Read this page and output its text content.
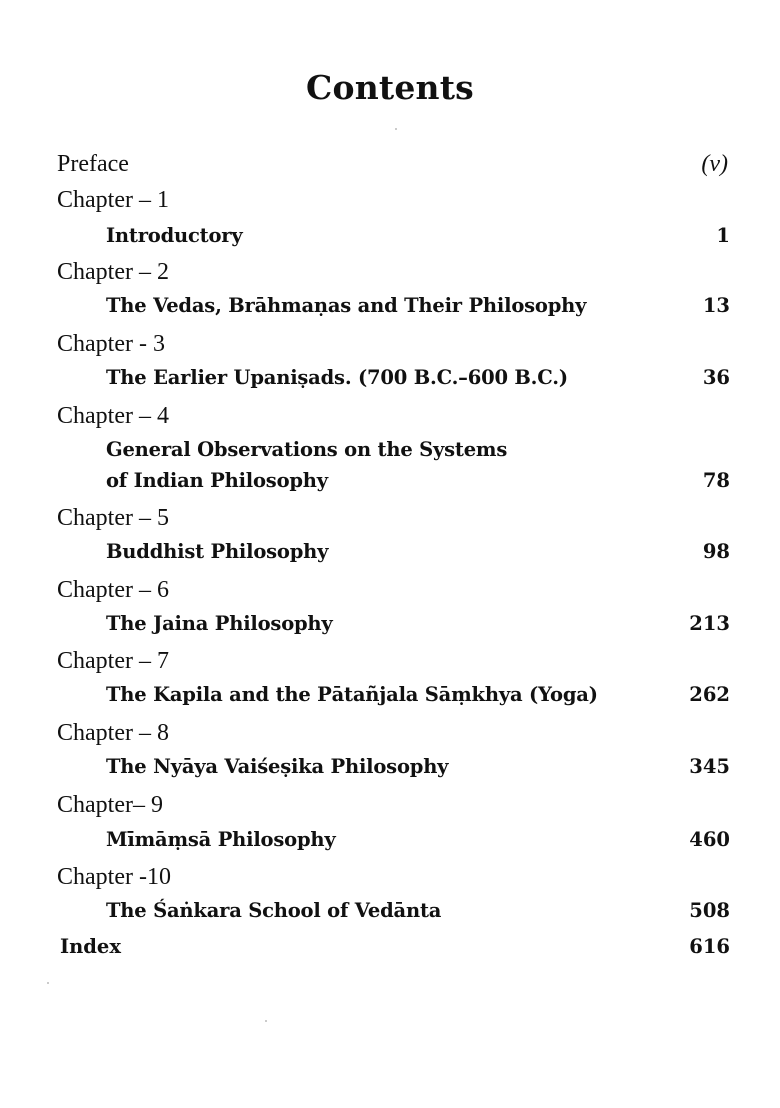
Contents
Preface	(v)
Chapter – 1
Introductory	1
Chapter – 2
The Vedas, Brāhmaṇas and Their Philosophy	13
Chapter - 3
The Earlier Upaniṣads. (700 B.C.–600 B.C.)	36
Chapter – 4
General Observations on the Systems
of Indian Philosophy	78
Chapter – 5
Buddhist Philosophy	98
Chapter – 6
The Jaina Philosophy	213
Chapter – 7
The Kapila and the Pātañjala Sāṃkhya (Yoga)	262
Chapter – 8
The Nyāya Vaiśeṣika Philosophy	345
Chapter– 9
Mīmāṃsā Philosophy	460
Chapter -10
The Śaṅkara School of Vedānta	508
Index	616
